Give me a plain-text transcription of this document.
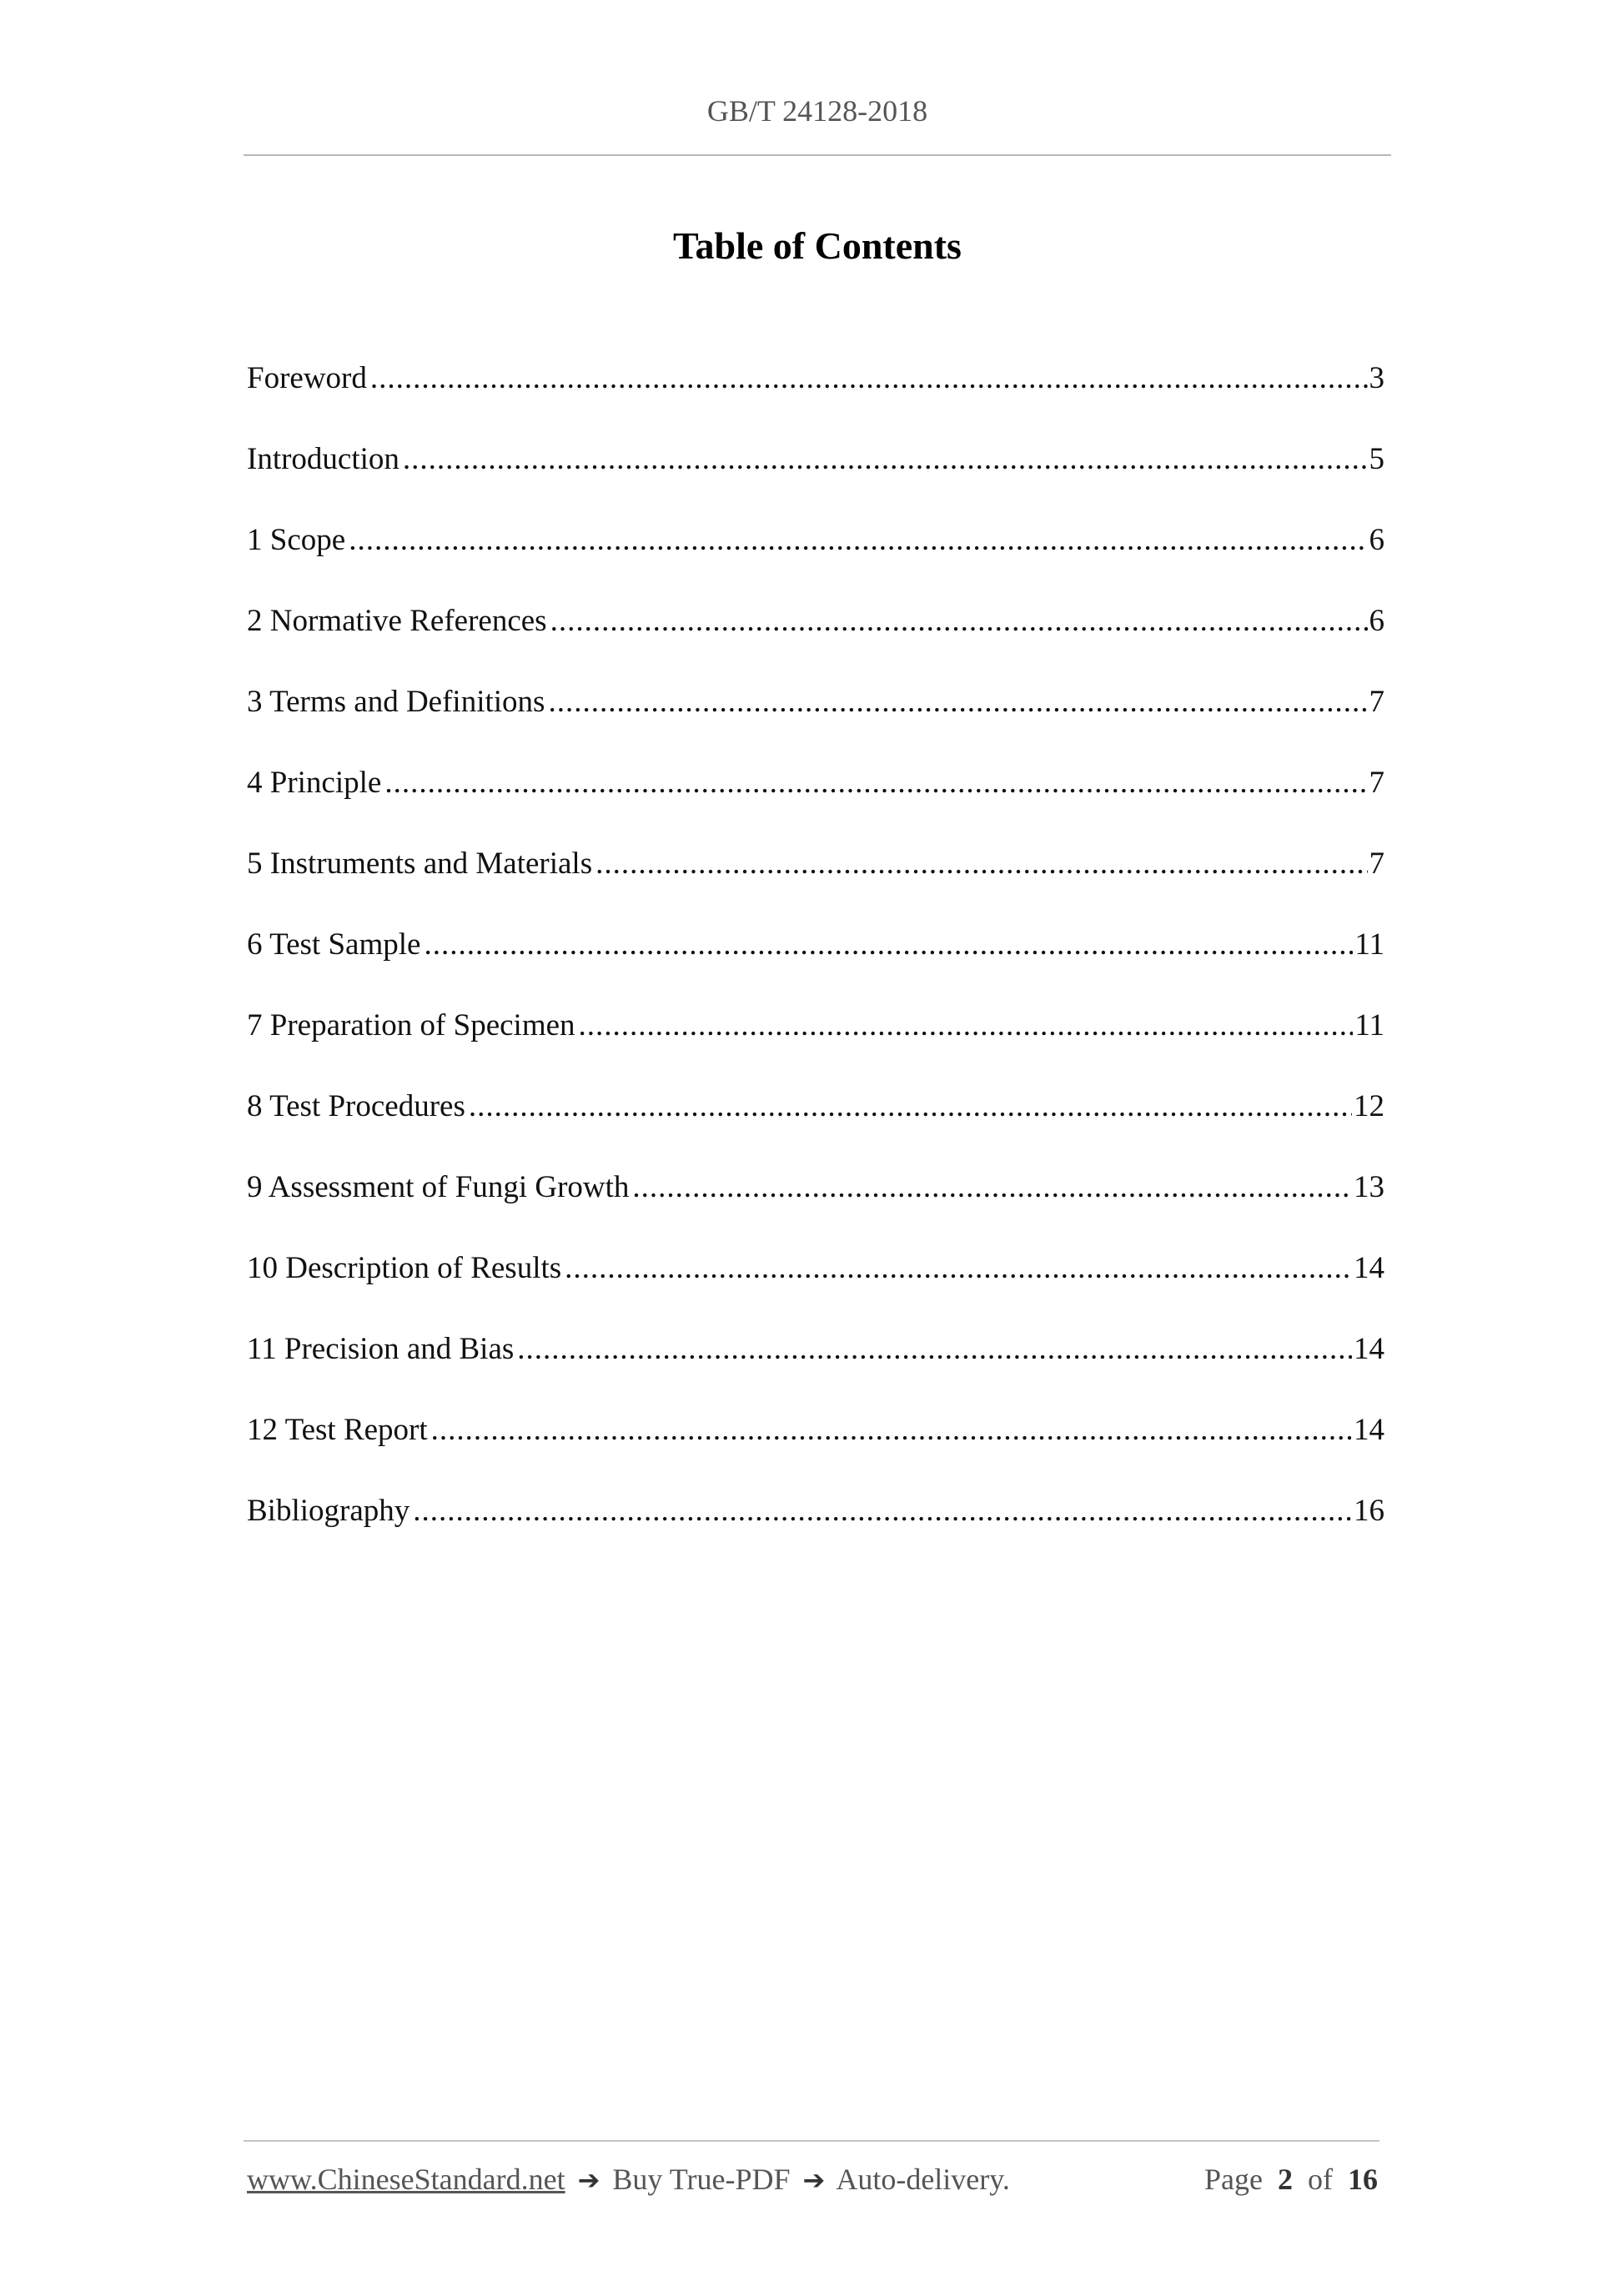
GB/T 24128-2018
Table of Contents
Foreword .....	3
Introduction .....	5
1 Scope .....	6
2 Normative References .....	6
3 Terms and Definitions .....	7
4 Principle .....	7
5 Instruments and Materials .....	7
6 Test Sample .....	11
7 Preparation of Specimen .....	11
8 Test Procedures .....	12
9 Assessment of Fungi Growth .....	13
10 Description of Results .....	14
11 Precision and Bias .....	14
12 Test Report .....	14
Bibliography .....	16
www.ChineseStandard.net ➔ Buy True-PDF ➔ Auto-delivery.	Page 2 of 16
